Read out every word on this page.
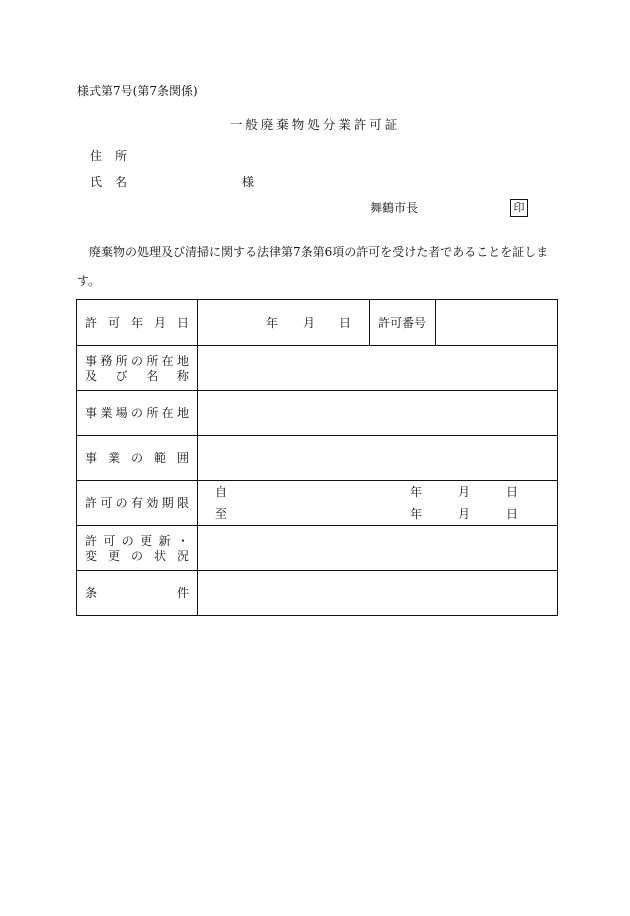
様式第7号(第7条関係)
一般廃棄物処分業許可証
住所
氏名	様
舞鶴市長	印
廃棄物の処理及び清掃に関する法律第7条第6項の許可を受けた者であることを証します。
許 可 年 月 日	年 月 日 許可番号
事 務 所 の 所 在 地
及 び 名 称
事 業 場 の 所 在 地
事 業 の 範 囲
許 可 の 有 効 期 限
自	年	月	日
至	年	月	日
許 可 の 更 新 ・
変 更 の 状 況
条	件
